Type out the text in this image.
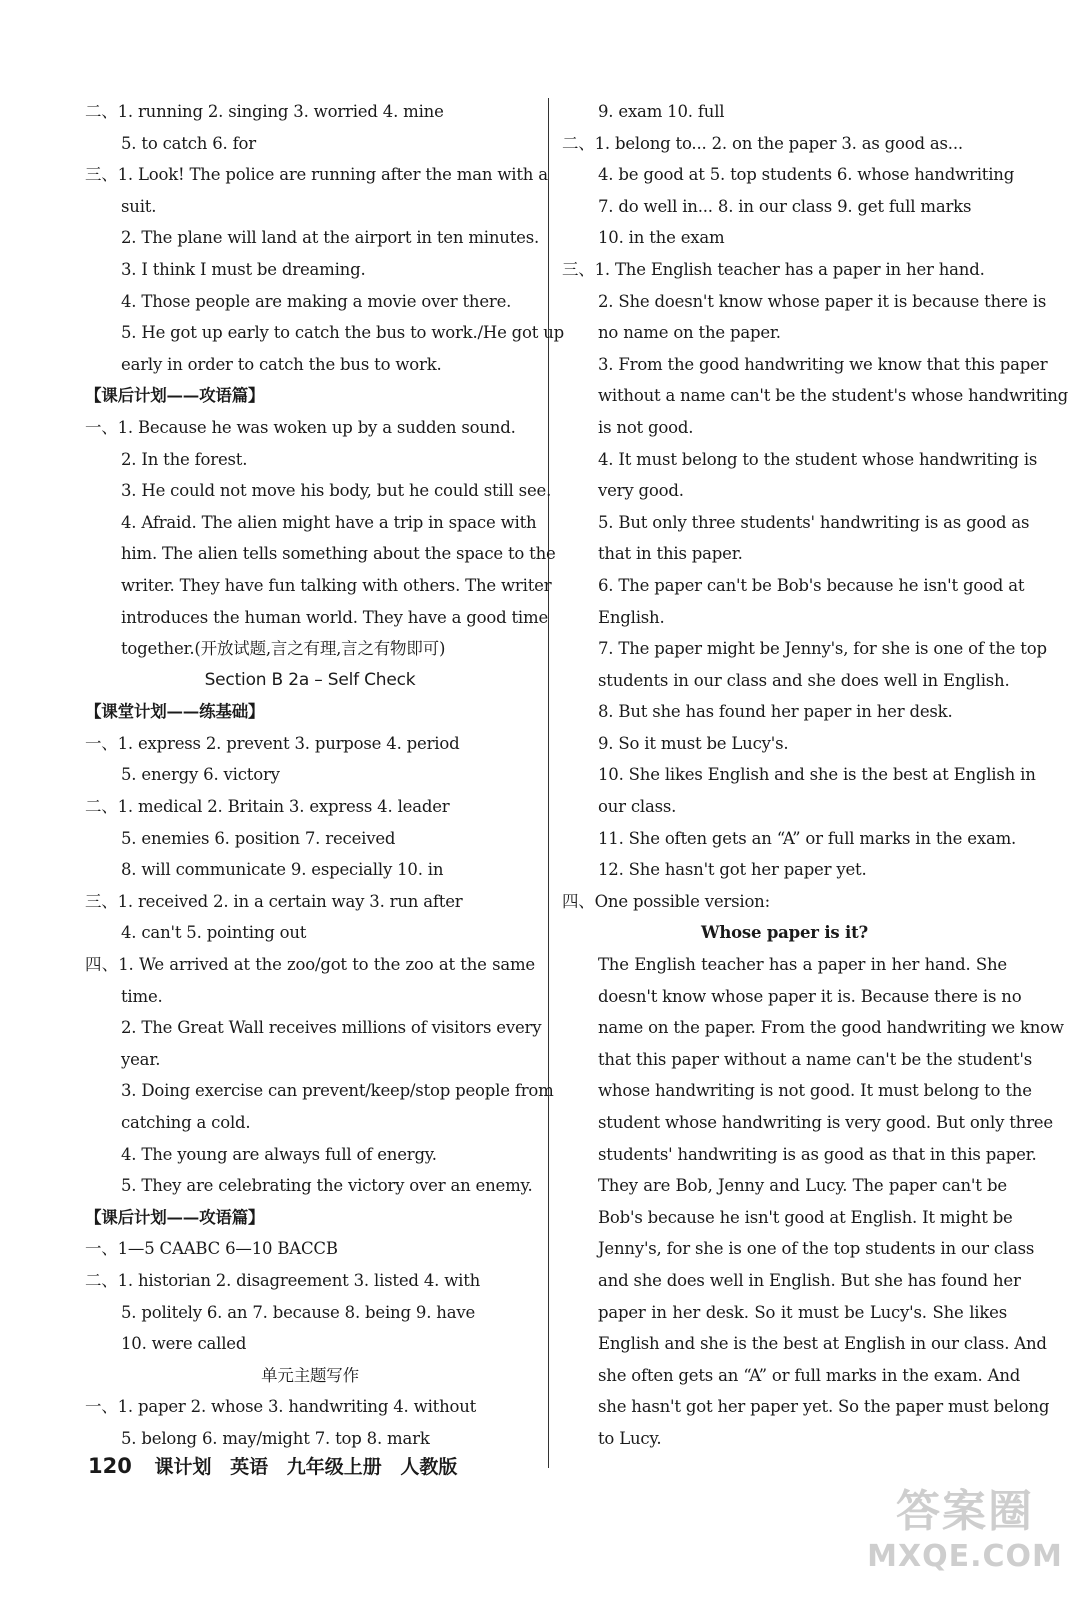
二、1. running 2. singing 3. worried 4. mine
5. to catch 6. for
三、1. Look! The police are running after the man with a
suit.
2. The plane will land at the airport in ten minutes.
3. I think I must be dreaming.
4. Those people are making a movie over there.
5. He got up early to catch the bus to work./He got up
early in order to catch the bus to work.
【课后计划——攻语篇】
一、1. Because he was woken up by a sudden sound.
2. In the forest.
3. He could not move his body, but he could still see.
4. Afraid. The alien might have a trip in space with
him. The alien tells something about the space to the
writer. They have fun talking with others. The writer
introduces the human world. They have a good time
together.(开放试题,言之有理,言之有物即可)
Section B 2a – Self Check
【课堂计划——练基础】
一、1. express 2. prevent 3. purpose 4. period
5. energy 6. victory
二、1. medical 2. Britain 3. express 4. leader
5. enemies 6. position 7. received
8. will communicate 9. especially 10. in
三、1. received 2. in a certain way 3. run after
4. can't 5. pointing out
四、1. We arrived at the zoo/got to the zoo at the same
time.
2. The Great Wall receives millions of visitors every
year.
3. Doing exercise can prevent/keep/stop people from
catching a cold.
4. The young are always full of energy.
5. They are celebrating the victory over an enemy.
【课后计划——攻语篇】
一、1—5 CAABC 6—10 BACCB
二、1. historian 2. disagreement 3. listed 4. with
5. politely 6. an 7. because 8. being 9. have
10. were called
单元主题写作
一、1. paper 2. whose 3. handwriting 4. without
5. belong 6. may/might 7. top 8. mark
9. exam 10. full
二、1. belong to... 2. on the paper 3. as good as...
4. be good at 5. top students 6. whose handwriting
7. do well in... 8. in our class 9. get full marks
10. in the exam
三、1. The English teacher has a paper in her hand.
2. She doesn't know whose paper it is because there is
no name on the paper.
3. From the good handwriting we know that this paper
without a name can't be the student's whose handwriting
is not good.
4. It must belong to the student whose handwriting is
very good.
5. But only three students' handwriting is as good as
that in this paper.
6. The paper can't be Bob's because he isn't good at
English.
7. The paper might be Jenny's, for she is one of the top
students in our class and she does well in English.
8. But she has found her paper in her desk.
9. So it must be Lucy's.
10. She likes English and she is the best at English in
our class.
11. She often gets an “A” or full marks in the exam.
12. She hasn't got her paper yet.
四、One possible version:
Whose paper is it?
The English teacher has a paper in her hand. She
doesn't know whose paper it is. Because there is no
name on the paper. From the good handwriting we know
that this paper without a name can't be the student's
whose handwriting is not good. It must belong to the
student whose handwriting is very good. But only three
students' handwriting is as good as that in this paper.
They are Bob, Jenny and Lucy. The paper can't be
Bob's because he isn't good at English. It might be
Jenny's, for she is one of the top students in our class
and she does well in English. But she has found her
paper in her desk. So it must be Lucy's. She likes
English and she is the best at English in our class. And
she often gets an “A” or full marks in the exam. And
she hasn't got her paper yet. So the paper must belong
to Lucy.
120 课计划 英语 九年级上册 人教版
答案圈
MXQE.COM
